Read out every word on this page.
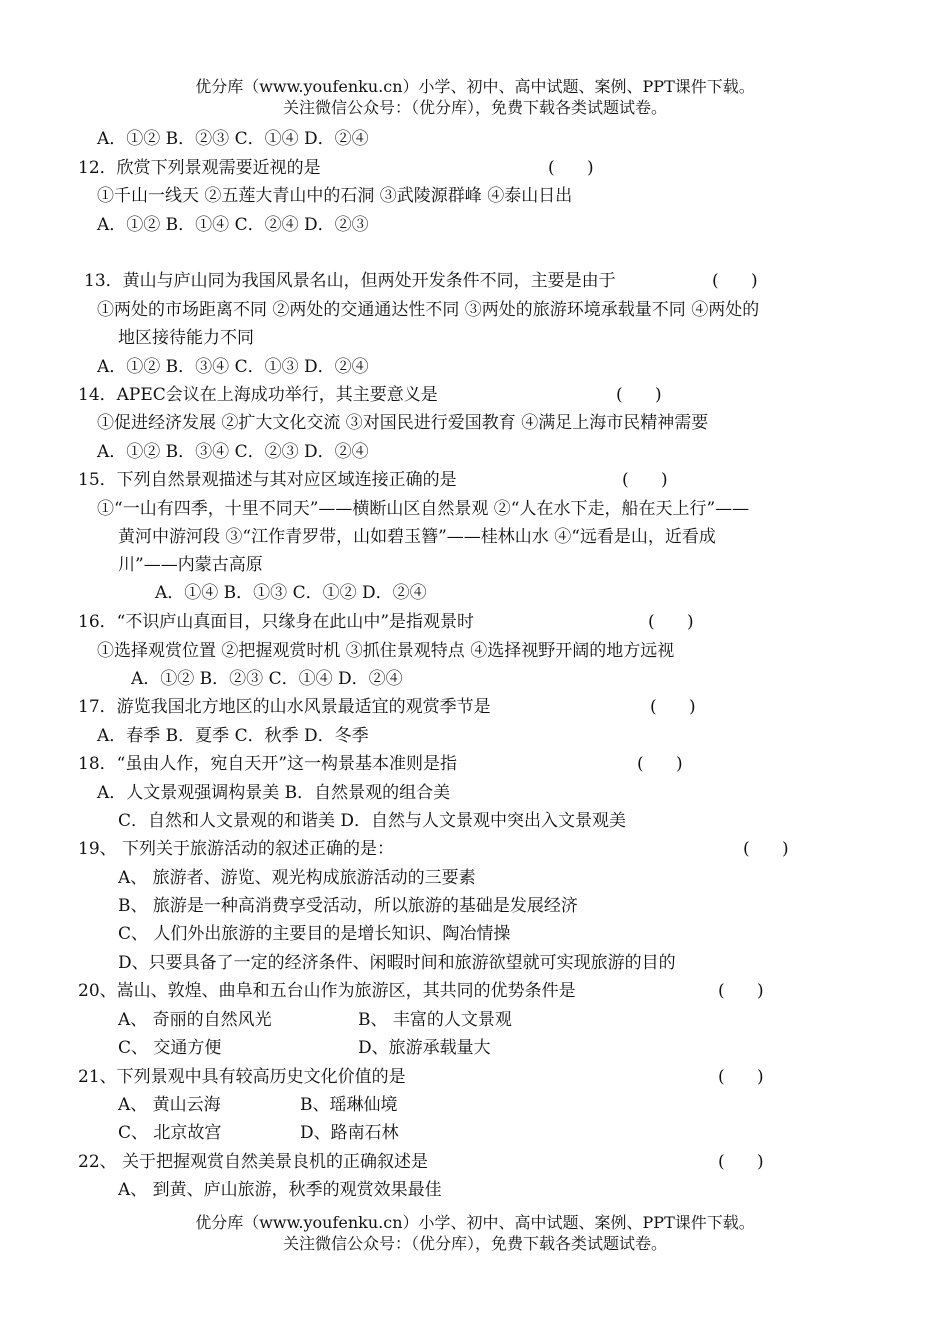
优分库（www.youfenku.cn）小学、初中、高中试题、案例、PPT课件下载。
关注微信公众号：（优分库），免费下载各类试题试卷。
A．①② B．②③ C．①④ D．②④
12．欣赏下列景观需要近视的是	(      )
①千山一线天 ②五莲大青山中的石洞 ③武陵源群峰 ④泰山日出
A．①② B．①④ C．②④ D．②③
13．黄山与庐山同为我国风景名山，但两处开发条件不同，主要是由于	(      )
①两处的市场距离不同 ②两处的交通通达性不同 ③两处的旅游环境承载量不同 ④两处的
地区接待能力不同
A．①② B．③④ C．①③ D．②④
14．APEC会议在上海成功举行，其主要意义是	(      )
①促进经济发展 ②扩大文化交流 ③对国民进行爱国教育 ④满足上海市民精神需要
A．①② B．③④ C．②③ D．②④
15．下列自然景观描述与其对应区域连接正确的是	(      )
①“一山有四季，十里不同天”——横断山区自然景观 ②“人在水下走，船在天上行”——
黄河中游河段 ③“江作青罗带，山如碧玉簪”——桂林山水 ④“远看是山，近看成
川”——内蒙古高原
A．①④ B．①③ C．①② D．②④
16．“不识庐山真面目，只缘身在此山中”是指观景时	(      )
①选择观赏位置 ②把握观赏时机 ③抓住景观特点 ④选择视野开阔的地方远视
A．①② B．②③ C．①④ D．②④
17．游览我国北方地区的山水风景最适宜的观赏季节是	(      )
A．春季 B．夏季 C．秋季 D．冬季
18．“虽由人作，宛自天开”这一构景基本准则是指	(      )
A．人文景观强调构景美 B．自然景观的组合美
C．自然和人文景观的和谐美 D．自然与人文景观中突出入文景观美
19、 下列关于旅游活动的叙述正确的是：	(      )
A、 旅游者、游览、观光构成旅游活动的三要素
B、 旅游是一种高消费享受活动，所以旅游的基础是发展经济
C、 人们外出旅游的主要目的是增长知识、陶冶情操
D、只要具备了一定的经济条件、闲暇时间和旅游欲望就可实现旅游的目的
20、嵩山、敦煌、曲阜和五台山作为旅游区，其共同的优势条件是	(      )
A、 奇丽的自然风光	B、 丰富的人文景观
C、 交通方便	D、旅游承载量大
21、下列景观中具有较高历史文化价值的是	(      )
A、 黄山云海	B、瑶琳仙境
C、 北京故宫	D、路南石林
22、 关于把握观赏自然美景良机的正确叙述是	(      )
A、 到黄、庐山旅游，秋季的观赏效果最佳
优分库（www.youfenku.cn）小学、初中、高中试题、案例、PPT课件下载。
关注微信公众号：（优分库），免费下载各类试题试卷。
